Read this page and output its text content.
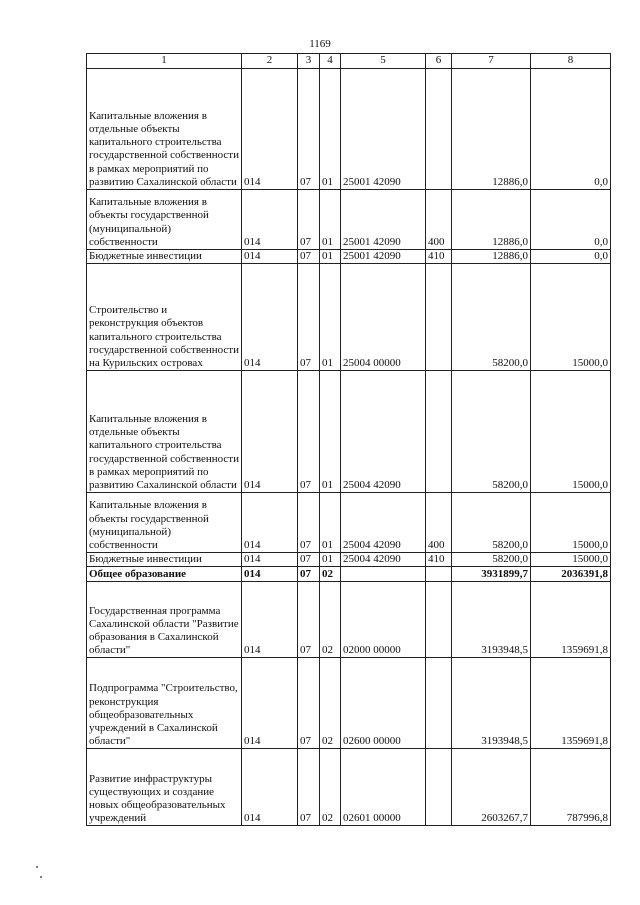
1169
1	2	3	4	5	6	7	8
Капитальные вложения в отдельные объекты капитального строительства государственной собственности в рамках мероприятий по развитию Сахалинской области	014	07	01	25001 42090		12886,0	0,0
Капитальные вложения в объекты государственной (муниципальной) собственности	014	07	01	25001 42090	400	12886,0	0,0
Бюджетные инвестиции	014	07	01	25001 42090	410	12886,0	0,0
Строительство и реконструкция объектов капитального строительства государственной собственности на Курильских островах	014	07	01	25004 00000		58200,0	15000,0
Капитальные вложения в отдельные объекты капитального строительства государственной собственности в рамках мероприятий по развитию Сахалинской области	014	07	01	25004 42090		58200,0	15000,0
Капитальные вложения в объекты государственной (муниципальной) собственности	014	07	01	25004 42090	400	58200,0	15000,0
Бюджетные инвестиции	014	07	01	25004 42090	410	58200,0	15000,0
Общее образование	014	07	02			3931899,7	2036391,8
Государственная программа Сахалинской области "Развитие образования в Сахалинской области"	014	07	02	02000 00000		3193948,5	1359691,8
Подпрограмма "Строительство, реконструкция общеобразовательных учреждений в Сахалинской области"	014	07	02	02600 00000		3193948,5	1359691,8
Развитие инфраструктуры существующих и создание новых общеобразовательных учреждений	014	07	02	02601 00000		2603267,7	787996,8
